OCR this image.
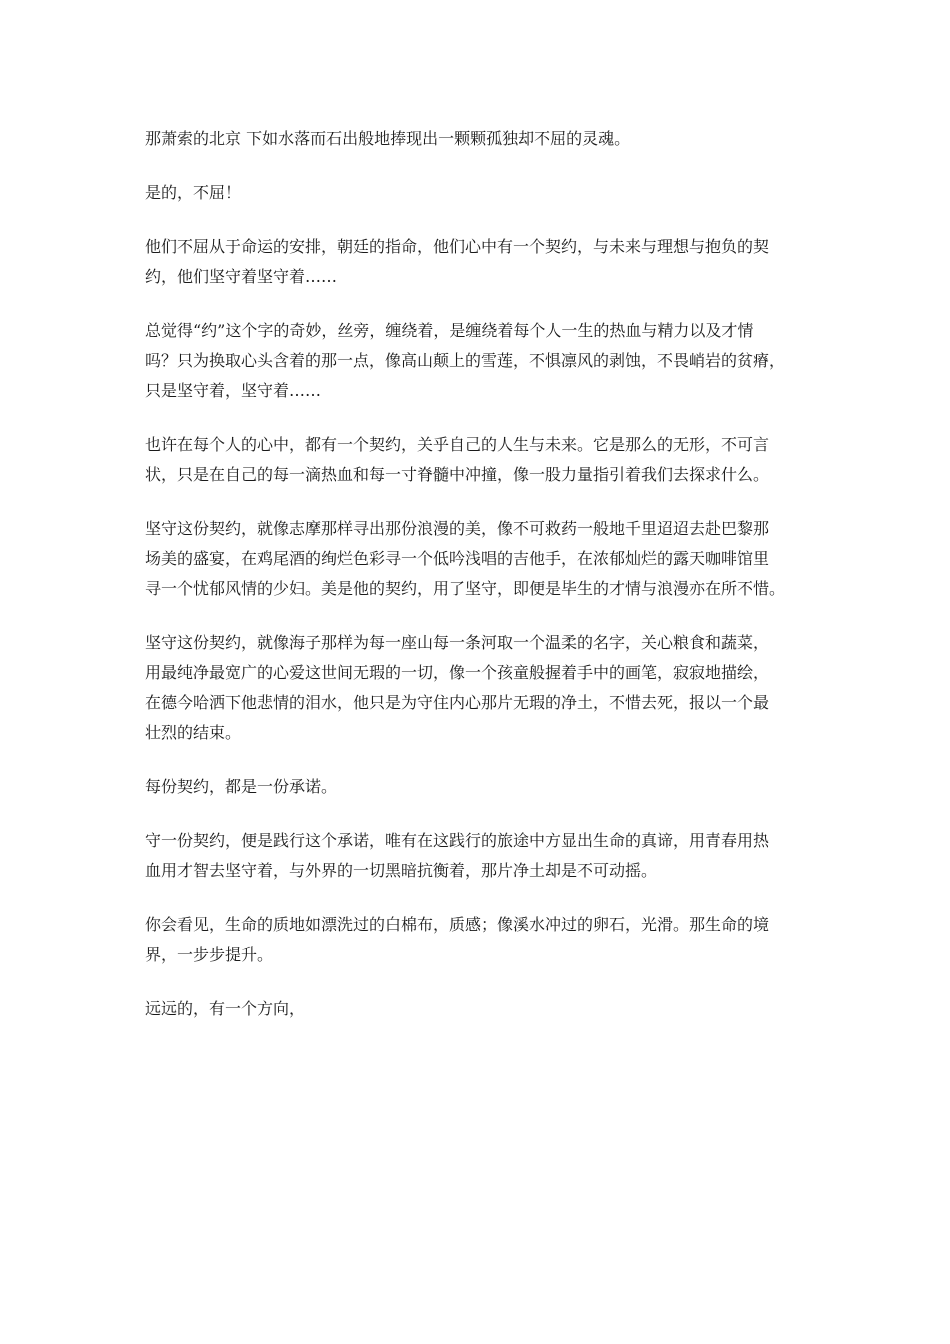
那萧索的北京 下如水落而石出般地捧现出一颗颗孤独却不屈的灵魂。
是的，不屈！
他们不屈从于命运的安排，朝廷的指命，他们心中有一个契约，与未来与理想与抱负的契
约，他们坚守着坚守着……
总觉得“约”这个字的奇妙，丝旁，缠绕着，是缠绕着每个人一生的热血与精力以及才情
吗？只为换取心头含着的那一点，像高山颠上的雪莲，不惧凛风的剥蚀，不畏峭岩的贫瘠，
只是坚守着，坚守着……
也许在每个人的心中，都有一个契约，关乎自己的人生与未来。它是那么的无形，不可言
状，只是在自己的每一滴热血和每一寸脊髓中冲撞，像一股力量指引着我们去探求什么。
坚守这份契约，就像志摩那样寻出那份浪漫的美，像不可救药一般地千里迢迢去赴巴黎那
场美的盛宴，在鸡尾酒的绚烂色彩寻一个低吟浅唱的吉他手，在浓郁灿烂的露天咖啡馆里
寻一个忧郁风情的少妇。美是他的契约，用了坚守，即便是毕生的才情与浪漫亦在所不惜。
坚守这份契约，就像海子那样为每一座山每一条河取一个温柔的名字，关心粮食和蔬菜，
用最纯净最宽广的心爱这世间无瑕的一切，像一个孩童般握着手中的画笔，寂寂地描绘，
在德今哈洒下他悲情的泪水，他只是为守住内心那片无瑕的净土，不惜去死，报以一个最
壮烈的结束。
每份契约，都是一份承诺。
守一份契约，便是践行这个承诺，唯有在这践行的旅途中方显出生命的真谛，用青春用热
血用才智去坚守着，与外界的一切黑暗抗衡着，那片净土却是不可动摇。
你会看见，生命的质地如漂洗过的白棉布，质感；像溪水冲过的卵石，光滑。那生命的境
界，一步步提升。
远远的，有一个方向，
